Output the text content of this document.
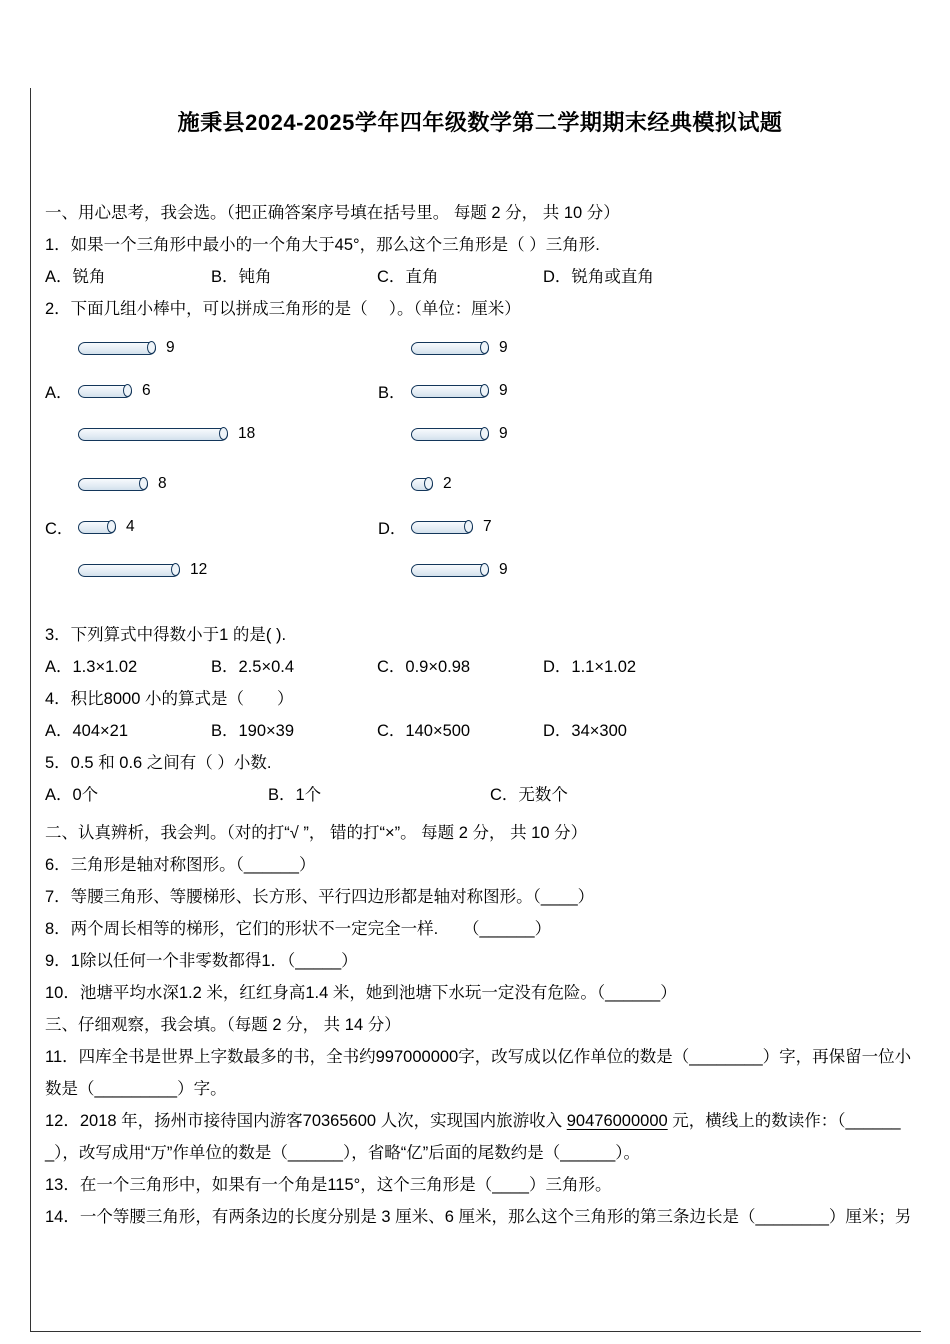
施秉县2024-2025学年四年级数学第二学期期末经典模拟试题

一、用心思考，我会选。（把正确答案序号填在括号里。 每题 2 分， 共 10 分）

1．如果一个三角形中最小的一个角大于45°，那么这个三角形是（ ）三角形.

A．锐角	B．钝角	C．直角	D．锐角或直角

2．下面几组小棒中，可以拼成三角形的是（　 ）。（单位：厘米）

A．
9
6
18
B．
9
9
9
C．
8
4
12
D．
2
7
9

3．下列算式中得数小于1 的是( ).

A．1.3×1.02	B．2.5×0.4	C．0.9×0.98	D．1.1×1.02

4．积比8000 小的算式是（　　）

A．404×21	B．190×39	C．140×500	D．34×300

5．0.5 和 0.6 之间有（ ）小数.

A．0个	B．1个	C．无数个

二、认真辨析，我会判。（对的打“√ ”， 错的打“×”。 每题 2 分， 共 10 分）

6．三角形是轴对称图形。（______）

7．等腰三角形、等腰梯形、长方形、平行四边形都是轴对称图形。（____）

8．两个周长相等的梯形，它们的形状不一定完全一样.　　（______）

9．1除以任何一个非零数都得1．（_____）

10．池塘平均水深1.2 米，红红身高1.4 米，她到池塘下水玩一定没有危险。（______）

三、仔细观察，我会填。（每题 2 分， 共 14 分）

11．四库全书是世界上字数最多的书，全书约997000000字，改写成以亿作单位的数是（________）字，再保留一位小数是（_________）字。

12．2018 年，扬州市接待国内游客70365600 人次，实现国内旅游收入 90476000000 元，横线上的数读作：（______ _），改写成用“万”作单位的数是（______），省略“亿”后面的尾数约是（______）。

13．在一个三角形中，如果有一个角是115°，这个三角形是（____）三角形。

14．一个等腰三角形，有两条边的长度分别是 3 厘米、6 厘米，那么这个三角形的第三条边长是（________）厘米；另
